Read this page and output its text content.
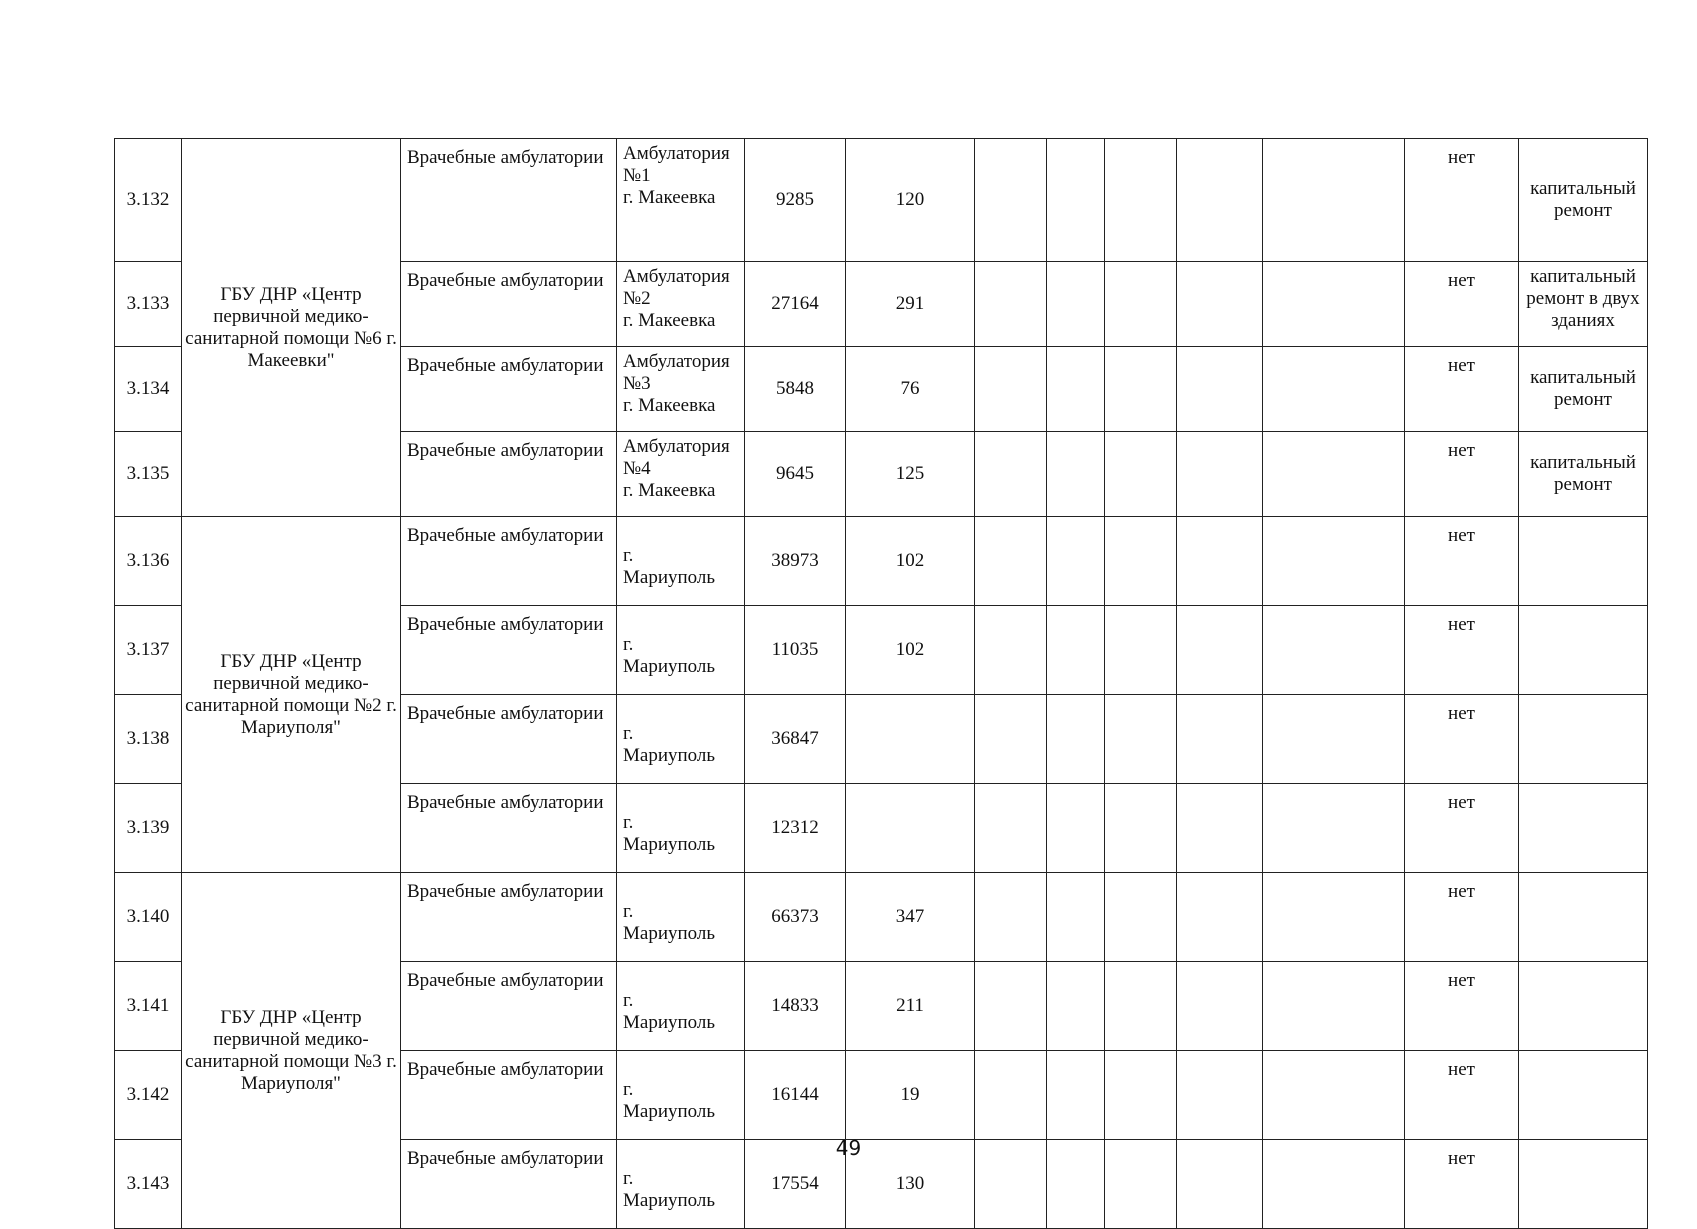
3.132	ГБУ ДНР «Центр первичной медико-санитарной помощи №6 г. Макеевки"	Врачебные амбулатории	Амбулатория
№1
г. Макеевка	9285	120						нет	капитальный ремонт
3.133		Врачебные амбулатории	Амбулатория
№2
г. Макеевка	27164	291						нет	капитальный ремонт в двух зданиях
3.134		Врачебные амбулатории	Амбулатория
№3
г. Макеевка	5848	76						нет	капитальный ремонт
3.135		Врачебные амбулатории	Амбулатория
№4
г. Макеевка	9645	125						нет	капитальный ремонт
3.136	ГБУ ДНР «Центр первичной медико-санитарной помощи №2 г. Мариуполя"	Врачебные амбулатории	г.
Мариуполь	38973	102						нет	
3.137		Врачебные амбулатории	г.
Мариуполь	11035	102						нет	
3.138		Врачебные амбулатории	г.
Мариуполь	36847							нет	
3.139		Врачебные амбулатории	г.
Мариуполь	12312							нет	
3.140	ГБУ ДНР «Центр первичной медико-санитарной помощи №3 г. Мариуполя"	Врачебные амбулатории	г.
Мариуполь	66373	347						нет	
3.141		Врачебные амбулатории	г.
Мариуполь	14833	211						нет	
3.142		Врачебные амбулатории	г.
Мариуполь	16144	19						нет	
3.143		Врачебные амбулатории	г.
Мариуполь	17554	130						нет	
49
